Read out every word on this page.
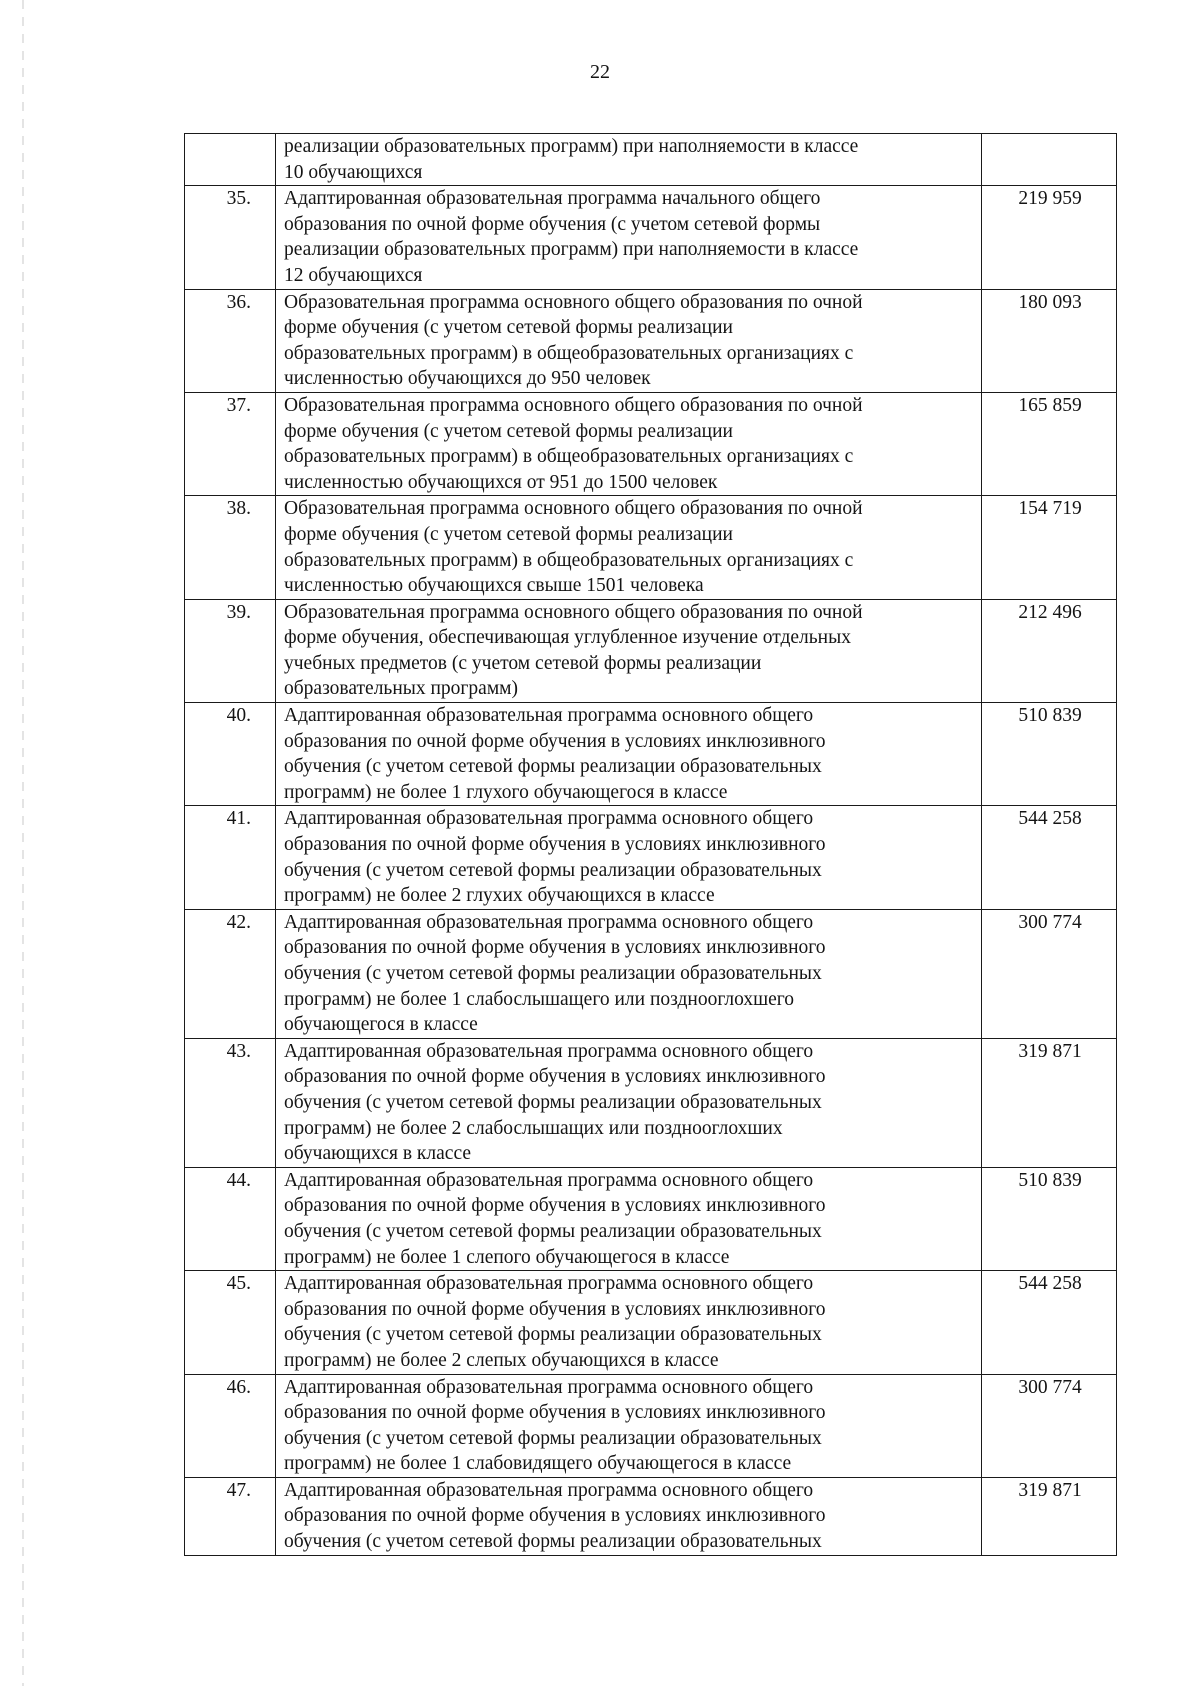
22

	реализации образовательных программ) при наполняемости в классе
10 обучающихся	

35.	Адаптированная образовательная программа начального общего
образования по очной форме обучения (с учетом сетевой формы
реализации образовательных программ) при наполняемости в классе
12 обучающихся	219 959
36.	Образовательная программа основного общего образования по очной
форме обучения (с учетом сетевой формы реализации
образовательных программ) в общеобразовательных организациях с
численностью обучающихся до 950 человек	180 093
37.	Образовательная программа основного общего образования по очной
форме обучения (с учетом сетевой формы реализации
образовательных программ) в общеобразовательных организациях с
численностью обучающихся от 951 до 1500 человек	165 859
38.	Образовательная программа основного общего образования по очной
форме обучения (с учетом сетевой формы реализации
образовательных программ) в общеобразовательных организациях с
численностью обучающихся свыше 1501 человека	154 719
39.	Образовательная программа основного общего образования по очной
форме обучения, обеспечивающая углубленное изучение отдельных
учебных предметов (с учетом сетевой формы реализации
образовательных программ)	212 496
40.	Адаптированная образовательная программа основного общего
образования по очной форме обучения в условиях инклюзивного
обучения (с учетом сетевой формы реализации образовательных
программ) не более 1 глухого обучающегося в классе	510 839
41.	Адаптированная образовательная программа основного общего
образования по очной форме обучения в условиях инклюзивного
обучения (с учетом сетевой формы реализации образовательных
программ) не более 2 глухих обучающихся в классе	544 258
42.	Адаптированная образовательная программа основного общего
образования по очной форме обучения в условиях инклюзивного
обучения (с учетом сетевой формы реализации образовательных
программ) не более 1 слабослышащего или позднооглохшего
обучающегося в классе	300 774
43.	Адаптированная образовательная программа основного общего
образования по очной форме обучения в условиях инклюзивного
обучения (с учетом сетевой формы реализации образовательных
программ) не более 2 слабослышащих или позднооглохших
обучающихся в классе	319 871
44.	Адаптированная образовательная программа основного общего
образования по очной форме обучения в условиях инклюзивного
обучения (с учетом сетевой формы реализации образовательных
программ) не более 1 слепого обучающегося в классе	510 839
45.	Адаптированная образовательная программа основного общего
образования по очной форме обучения в условиях инклюзивного
обучения (с учетом сетевой формы реализации образовательных
программ) не более 2 слепых обучающихся в классе	544 258
46.	Адаптированная образовательная программа основного общего
образования по очной форме обучения в условиях инклюзивного
обучения (с учетом сетевой формы реализации образовательных
программ) не более 1 слабовидящего обучающегося в классе	300 774
47.	Адаптированная образовательная программа основного общего
образования по очной форме обучения в условиях инклюзивного
обучения (с учетом сетевой формы реализации образовательных	319 871
